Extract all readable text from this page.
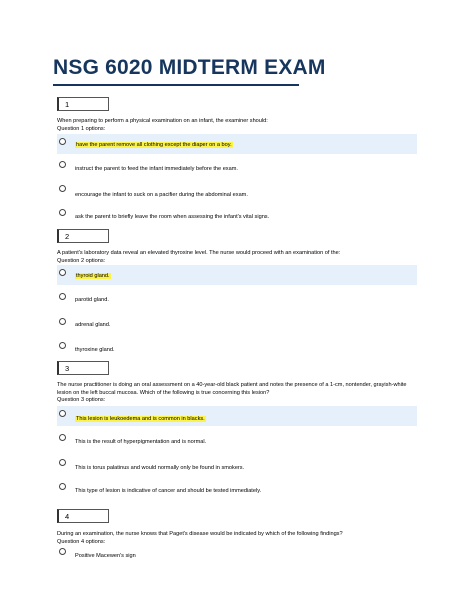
NSG 6020 MIDTERM EXAM
1
When preparing to perform a physical examination on an infant, the examiner should:
Question 1 options:
have the parent remove all clothing except the diaper on a boy.
instruct the parent to feed the infant immediately before the exam.
encourage the infant to suck on a pacifier during the abdominal exam.
ask the parent to briefly leave the room when assessing the infant's vital signs.
2
A patient's laboratory data reveal an elevated thyroxine level. The nurse would proceed with an examination of the:
Question 2 options:
thyroid gland.
parotid gland.
adrenal gland.
thyroxine gland.
3
The nurse practitioner is doing an oral assessment on a 40-year-old black patient and notes the presence of a 1-cm, nontender, grayish-white
lesion on the left buccal mucosa. Which of the following is true concerning this lesion?
Question 3 options:
This lesion is leukoedema and is common in blacks.
This is the result of hyperpigmentation and is normal.
This is torus palatinus and would normally only be found in smokers.
This type of lesion is indicative of cancer and should be tested immediately.
4
During an examination, the nurse knows that Paget's disease would be indicated by which of the following findings?
Question 4 options:
Positive Macewen's sign
